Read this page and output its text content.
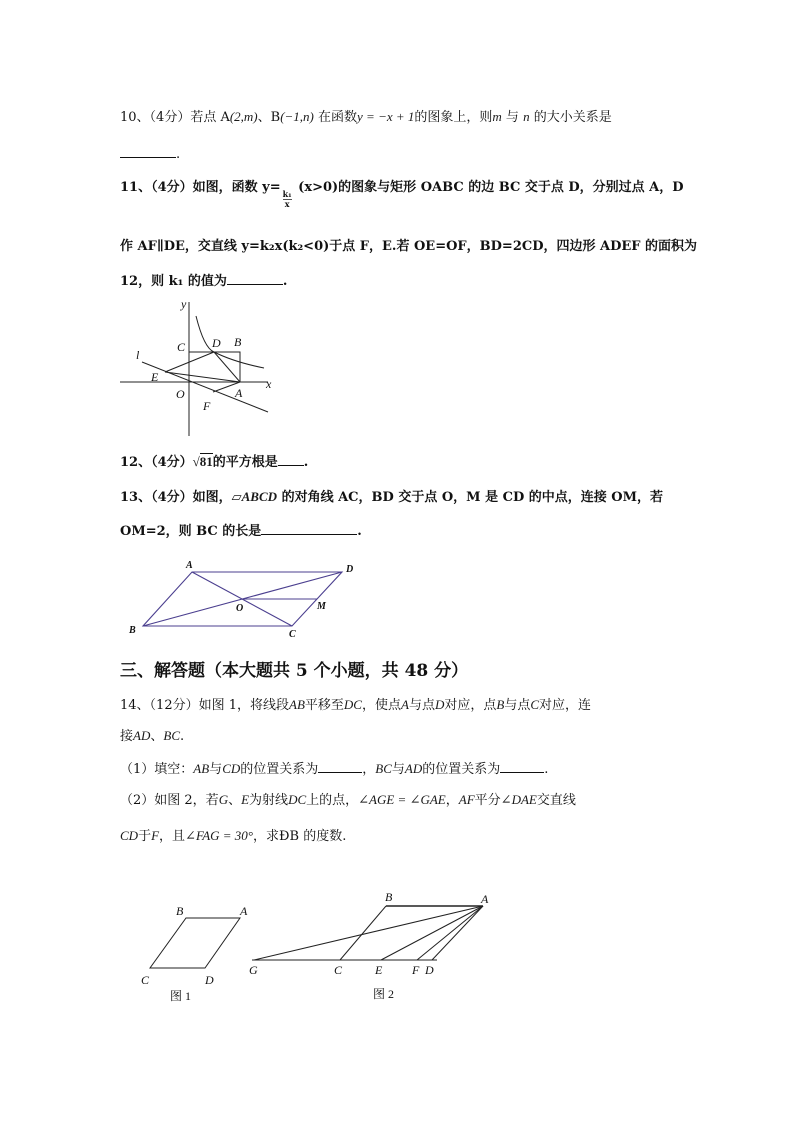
10、（4分）若点 A(2,m)、B(−1,n) 在函数y = −x + 1的图象上，则m 与 n 的大小关系是
.
11、（4分）如图，函数 y=
$\frac{\text{k₁}}{x}$
(x>0)的图象与矩形 OABC 的边 BC 交于点 D，分别过点 A，D
作 AF∥DE，交直线 y=k₂x(k₂<0)于点 F，E.若 OE=OF，BD=2CD，四边形 ADEF 的面积为
12，则 k₁ 的值为	.
y
x
O	A
B
C D
E
F
l
12、（4分）√81的平方根是 .
13、（4分）如图，▱ABCD 的对角线 AC，BD 交于点 O，M 是 CD 的中点，连接 OM，若
OM=2，则 BC 的长是	.
A
B	C
D
O	M
三、解答题（本大题共 5 个小题，共 48 分）
14、（12分）如图 1，将线段AB平移至DC，使点A与点D对应，点B与点C对应，连
接AD、BC.
（1）填空：AB与CD的位置关系为	，BC与AD的位置关系为	.
（2）如图 2，若G、E为射线DC上的点，∠AGE = ∠GAE，AF平分∠DAE交直线
CD于F，且∠FAG = 30°，求ÐB 的度数.
B	A
C	D
图 1
B	A
G	C	E F D
图 2
